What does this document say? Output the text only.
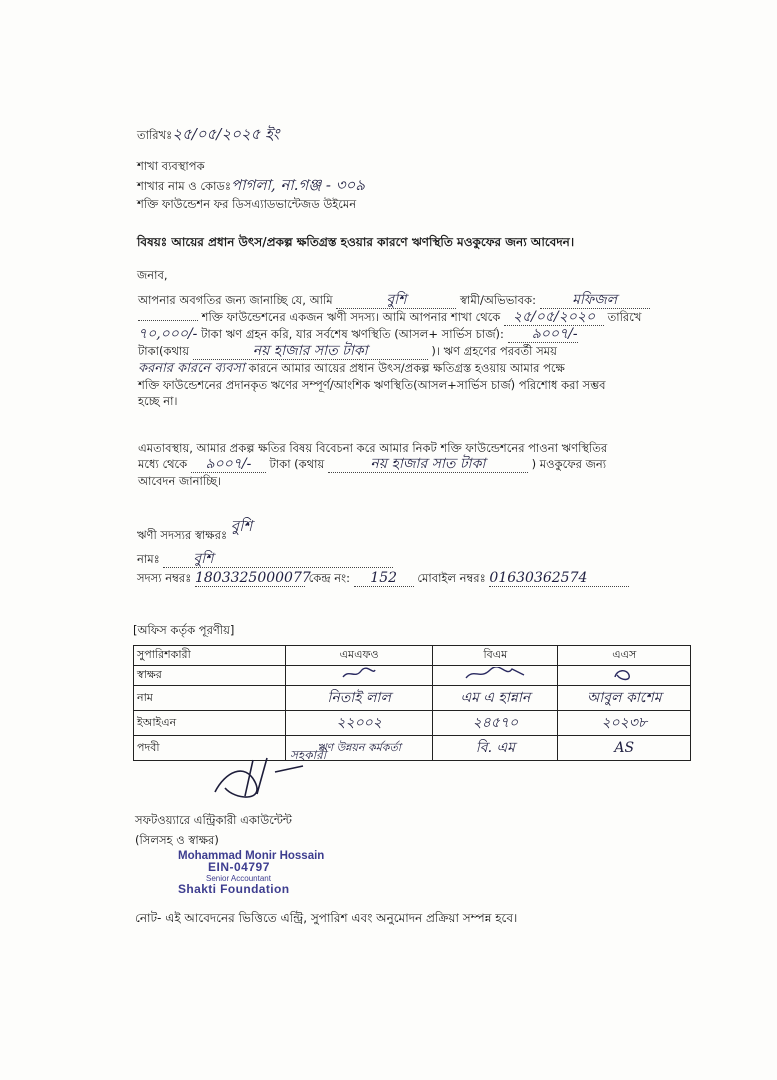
তারিখঃ২৫/০৫/২০২৫ ইং
শাখা ব্যবস্থাপক
শাখার নাম ও কোডঃপাগলা, না.গঞ্জ - ৩০৯
শক্তি ফাউন্ডেশন ফর ডিসএ্যাডভান্টেজড উইমেন
বিষয়ঃ আয়ের প্রধান উৎস/প্রকল্প ক্ষতিগ্রস্ত হওয়ার কারণে ঋণস্থিতি মওকুফের জন্য আবেদন।
জনাব,
আপনার অবগতির জন্য জানাচ্ছি যে, আমি	বুশি	স্বামী/অভিভাবক:	মফিজল
শক্তি ফাউন্ডেশনের একজন ঋণী সদস্য। আমি আপনার শাখা থেকে ২৫/০৫/২০২০ তারিখে
৭০,০০০/- টাকা ঋণ গ্রহন করি, যার সর্বশেষ ঋণস্থিতি (আসল+ সার্ভিস চার্জ): ৯০০৭/-
টাকা(কথায়	নয় হাজার সাত টাকা	)। ঋণ গ্রহণের পরবর্তী সময়
করনার কারনে ব্যবসা কারনে আমার আয়ের প্রধান উৎস/প্রকল্প ক্ষতিগ্রস্ত হওয়ায় আমার পক্ষে
শক্তি ফাউন্ডেশনের প্রদানকৃত ঋণের সম্পূর্ণ/আংশিক ঋণস্থিতি(আসল+সার্ভিস চার্জ) পরিশোধ করা সম্ভব
হচ্ছে না।
এমতাবস্থায়, আমার প্রকল্প ক্ষতির বিষয় বিবেচনা করে আমার নিকট শক্তি ফাউন্ডেশনের পাওনা ঋণস্থিতির
মধ্যে থেকে ৯০০৭/- টাকা (কথায়	নয় হাজার সাত টাকা	) মওকুফের জন্য
আবেদন জানাচ্ছি।
ঋণী সদস্যর স্বাক্ষরঃ বুশি
নামঃ বুশি
সদস্য নম্বরঃ 1803325000077 কেন্দ্র নং: 152 মোবাইল নম্বরঃ 01630362574
[অফিস কর্তৃক পূরণীয়]
সুপারিশকারী	এমএফও	বিএম	এএস
স্বাক্ষর			
নাম	নিতাই লাল	এম এ হান্নান	আবুল কাশেম
ইআইএন	২২০০২	২৪৫৭০	২০২৩৮
পদবী	ঋণ উন্নয়ন কর্মকর্তা	বি. এম	AS
সহকারী
সফটওয়্যারে এন্ট্রিকারী একাউন্টেন্ট
(সিলসহ ও স্বাক্ষর)
Mohammad Monir Hossain
EIN-04797
Senior Accountant
Shakti Foundation
নোট- এই আবেদনের ভিত্তিতে এন্ট্রি, সুপারিশ এবং অনুমোদন প্রক্রিয়া সম্পন্ন হবে।
